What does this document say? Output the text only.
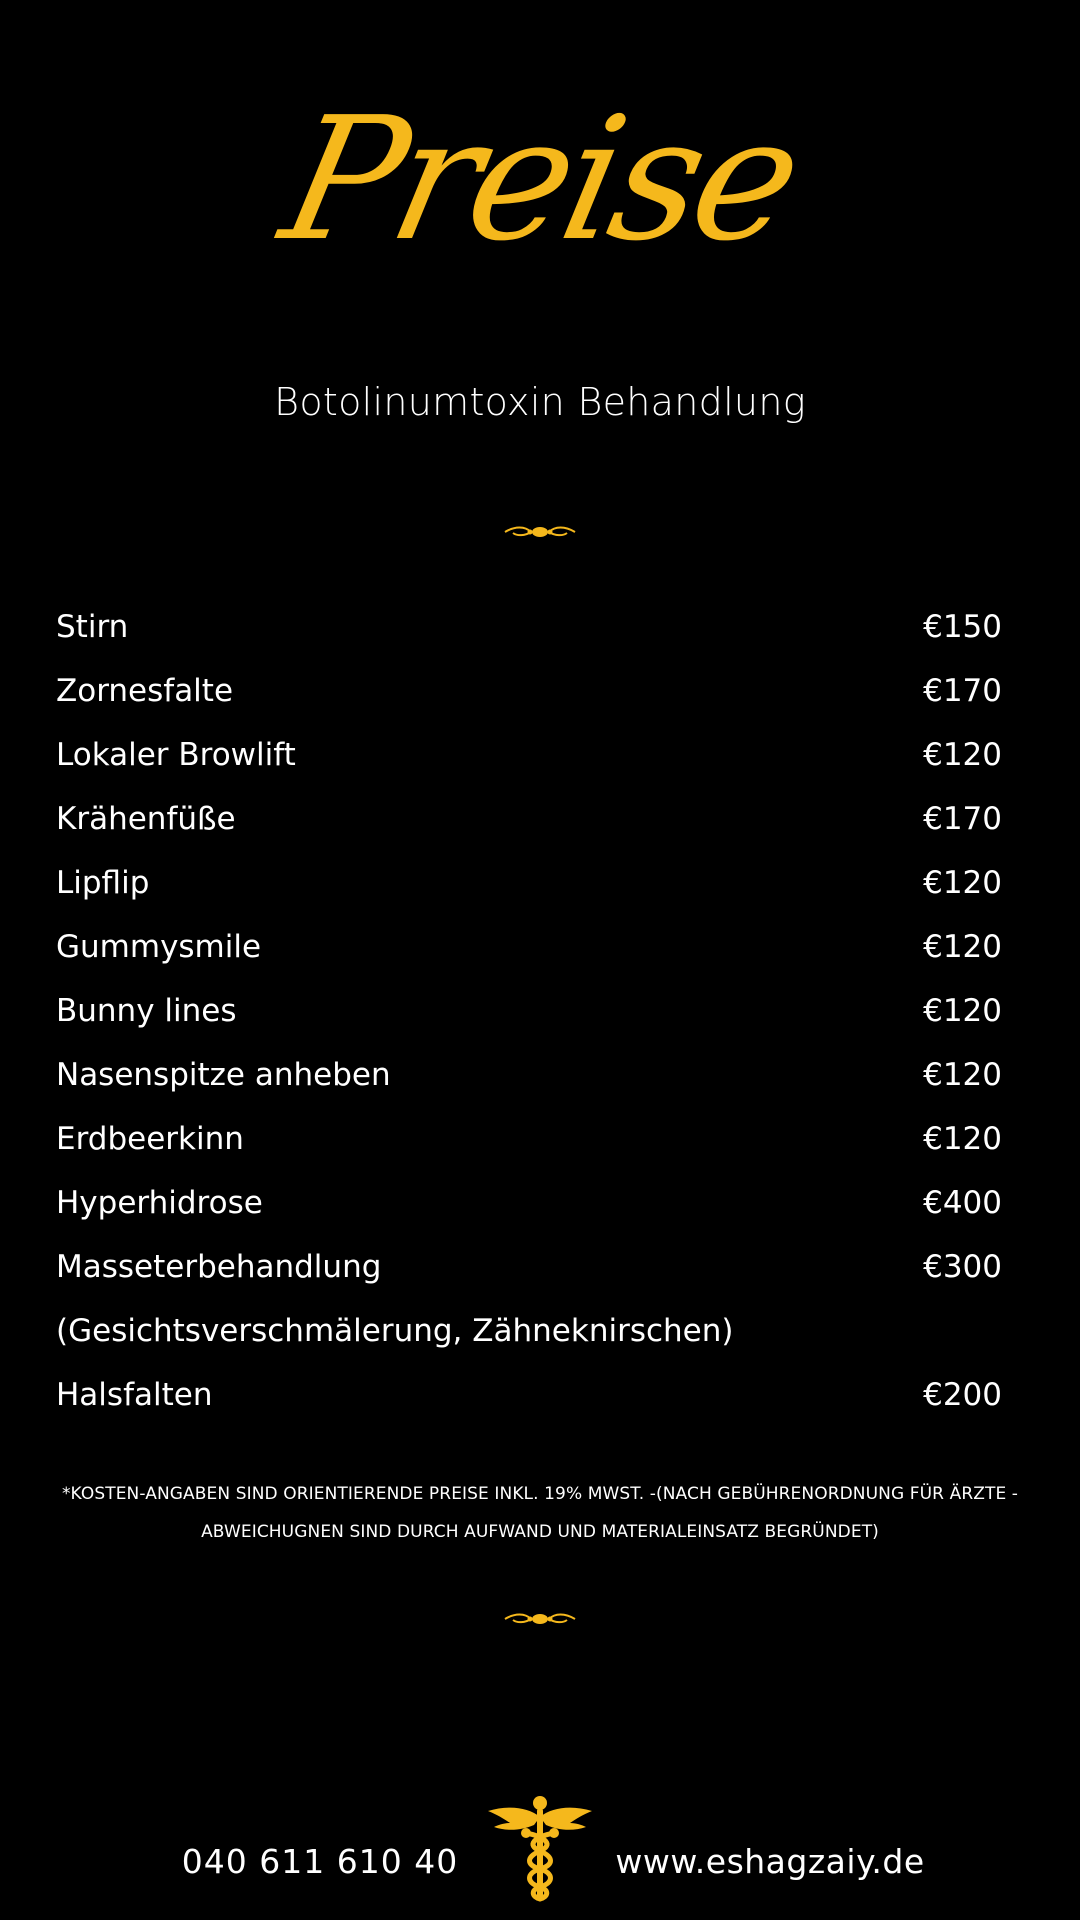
Preise
Botolinumtoxin Behandlung
Stirn	€150
Zornesfalte	€170
Lokaler Browlift	€120
Krähenfüße	€170
Lipflip	€120
Gummysmile	€120
Bunny lines	€120
Nasenspitze anheben	€120
Erdbeerkinn	€120
Hyperhidrose	€400
Masseterbehandlung	€300
(Gesichtsverschmälerung, Zähneknirschen)
Halsfalten	€200
*KOSTEN-ANGABEN SIND ORIENTIERENDE PREISE INKL. 19% MWST. -(NACH GEBÜHRENORDNUNG FÜR ÄRZTE -
ABWEICHUGNEN SIND DURCH AUFWAND UND MATERIALEINSATZ BEGRÜNDET)
040 611 610 40	www.eshagzaiy.de
